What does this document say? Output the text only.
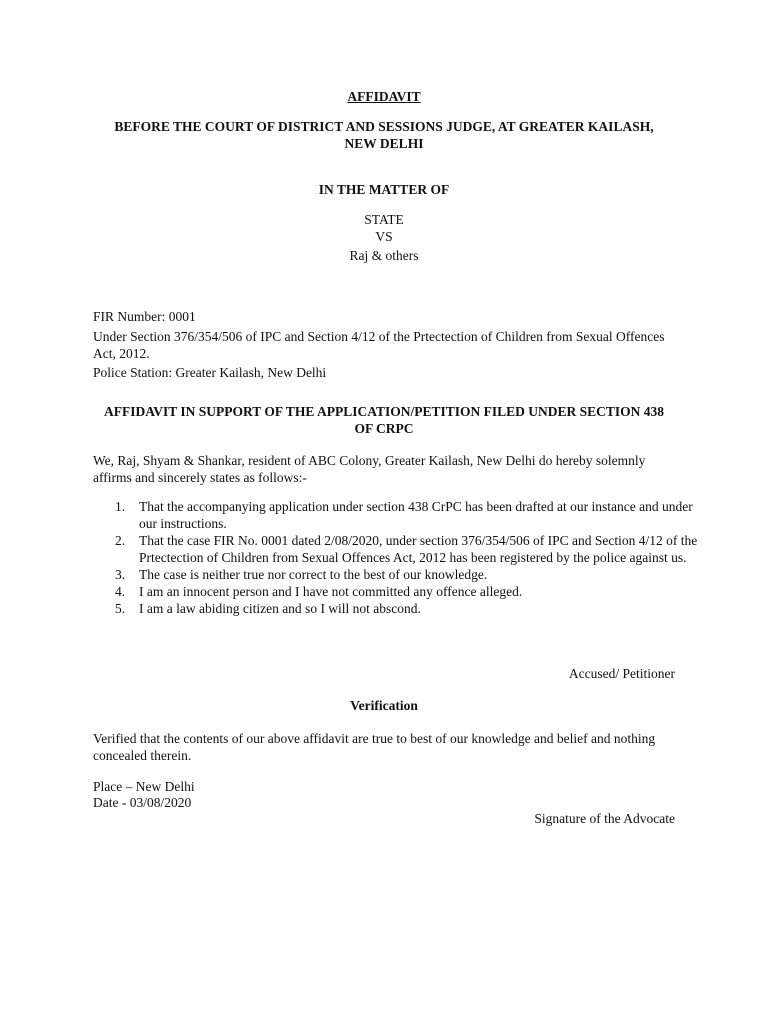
AFFIDAVIT
BEFORE THE COURT OF DISTRICT AND SESSIONS JUDGE, AT GREATER KAILASH, NEW DELHI
IN THE MATTER OF
STATE
VS
Raj & others
FIR Number: 0001
Under Section 376/354/506 of IPC and Section 4/12 of the Prtectection of Children from Sexual Offences Act, 2012.
Police Station: Greater Kailash, New Delhi
AFFIDAVIT IN SUPPORT OF THE APPLICATION/PETITION FILED UNDER SECTION 438 OF CRPC
We, Raj, Shyam & Shankar, resident of ABC Colony, Greater Kailash, New Delhi do hereby solemnly affirms and sincerely states as follows:-
1.	That the accompanying application under section 438 CrPC has been drafted at our instance and under our instructions.
2.	That the case FIR No. 0001 dated 2/08/2020, under section 376/354/506 of IPC and Section 4/12 of the Prtectection of Children from Sexual Offences Act, 2012 has been registered by the police against us.
3.	The case is neither true nor correct to the best of our knowledge.
4.	I am an innocent person and I have not committed any offence alleged.
5.	I am a law abiding citizen and so I will not abscond.
Accused/ Petitioner
Verification
Verified that the contents of our above affidavit are true to best of our knowledge and belief and nothing concealed therein.
Place – New Delhi
Date - 03/08/2020
Signature of the Advocate
